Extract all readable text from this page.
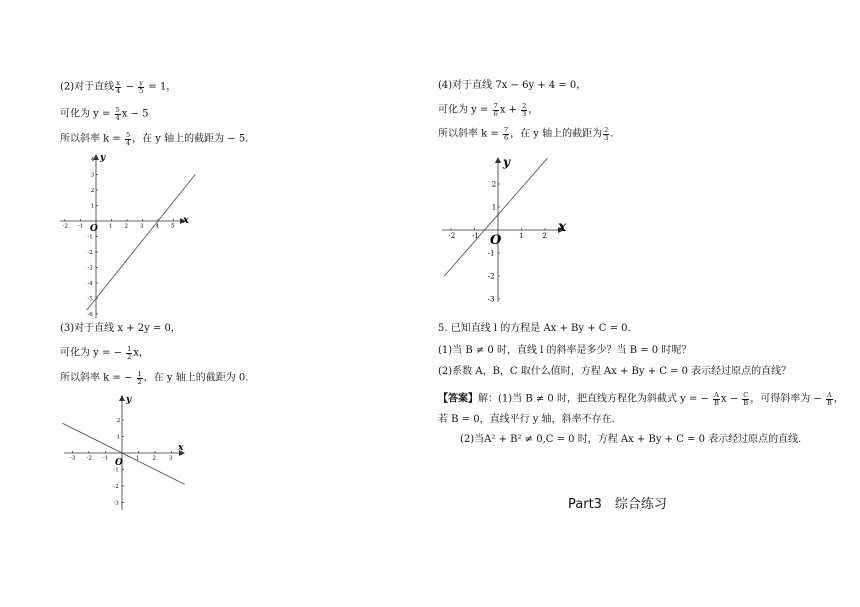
(2)对于直线 $\frac{x}{4} - \frac{y}{5} = 1$，
可化为 $y = \frac{5}{4}$ x − 5
所以斜率 $k = \frac{5}{4}$ ，在 y 轴上的截距为 − 5．
-2 -1	1 2 3 4 5
4
3
2
1
-1
-2
-3
-4
-5
-6
x
y
O
(3)对于直线 x + 2y = 0，
可化为 y = − $\frac{1}{2}$ x，
所以斜率 k = − $\frac{1}{2}$ ，在 y 轴上的截距为 0．
-3 -2 -1	1 2 3
2
1
-1
-2
-3
x
y
O
(4)对于直线 7x − 6y + 4 = 0，
可化为 $y = \frac{7}{6}$ $x + \frac{2}{3}$ ，
所以斜率 $k = \frac{7}{6}$ ，在 y 轴上的截距为 $\frac{2}{3}$ ．
-2 -1	1	2
2
1
-1
-2
-3
x
y
O
5. 已知直线 l 的方程是 Ax + By + C = 0．
(1)当 B ≠ 0 时，直线 l 的斜率是多少？当 B = 0 时呢？
(2)系数 A，B，C 取什么值时，方程 Ax + By + C = 0 表示经过原点的直线？
【答案】解：(1)当 B ≠ 0 时，把直线方程化为斜截式 y = − $\frac{A}{B}$ $x - \frac{C}{B}$ ，可得斜率为 − $\frac{A}{B}$ ，
若 B = 0，直线平行 y 轴，斜率不存在．
(2)当A² + B² ≠ 0,C = 0 时，方程 Ax + By + C = 0 表示经过原点的直线．
Part3　综合练习
